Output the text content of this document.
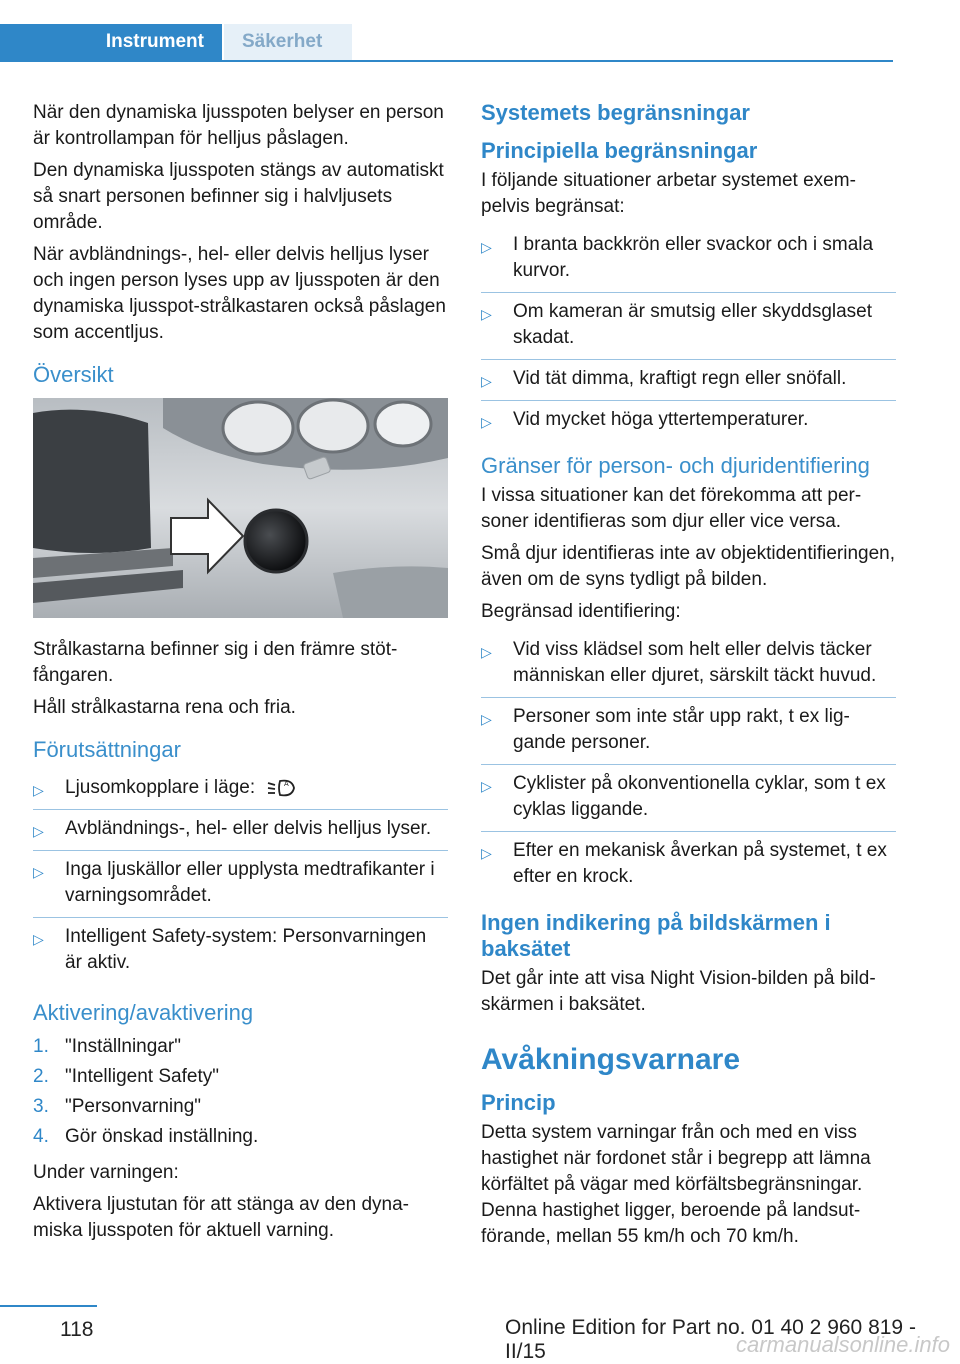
Instrument	Säkerhet

När den dynamiska ljusspoten belyser en person är kontrollampan för helljus påslagen.

Den dynamiska ljusspoten stängs av automatiskt så snart personen befinner sig i halvljusets område.

När avbländnings-, hel- eller delvis helljus lyser och ingen person lyses upp av ljusspoten är den dynamiska ljusspot-strålkastaren också påslagen som accentljus.

Översikt

Strålkastarna befinner sig i den främre stötfångaren.

Håll strålkastarna rena och fria.

Förutsättningar
▷ Ljusomkopplare i läge:	A
▷ Avbländnings-, hel- eller delvis helljus lyser.
▷ Inga ljuskällor eller upplysta medtrafikanter i varningsområdet.
▷ Intelligent Safety-system: Personvarningen är aktiv.
Aktivering/avaktivering
1. "Inställningar"
2. "Intelligent Safety"
3. "Personvarning"
4. Gör önskad inställning.

Under varningen:

Aktivera ljustutan för att stänga av den dynamiska ljusspoten för aktuell varning.

Systemets begränsningar
Principiella begränsningar

I följande situationer arbetar systemet exempelvis begränsat:

▷ I branta backkrön eller svackor och i smala kurvor.
▷ Om kameran är smutsig eller skyddsglaset skadat.
▷ Vid tät dimma, kraftigt regn eller snöfall.
▷ Vid mycket höga yttertemperaturer.
Gränser för person- och djuridentifiering

I vissa situationer kan det förekomma att personer identifieras som djur eller vice versa.

Små djur identifieras inte av objektidentifieringen, även om de syns tydligt på bilden.

Begränsad identifiering:

▷ Vid viss klädsel som helt eller delvis täcker människan eller djuret, särskilt täckt huvud.
▷ Personer som inte står upp rakt, t ex liggande personer.
▷ Cyklister på okonventionella cyklar, som t ex cyklas liggande.
▷ Efter en mekanisk åverkan på systemet, t ex efter en krock.
Ingen indikering på bildskärmen i baksätet

Det går inte att visa Night Vision-bilden på bildskärmen i baksätet.

Avåkningsvarnare
Princip

Detta system varningar från och med en viss hastighet när fordonet står i begrepp att lämna körfältet på vägar med körfältsbegränsningar. Denna hastighet ligger, beroende på landsutförande, mellan 55 km/h och 70 km/h.

118	Online Edition for Part no. 01 40 2 960 819 - II/15	carmanualsonline.info
